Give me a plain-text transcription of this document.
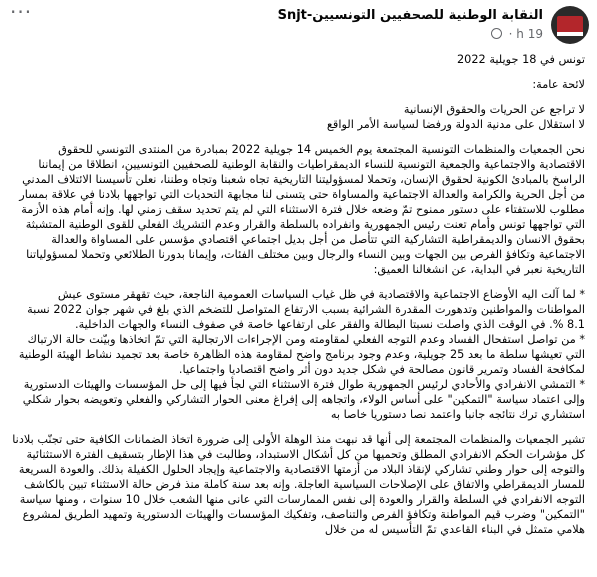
···	النقابة الوطنية للصحفيين التونسيين-Snjt
19 h ·

تونس في 18 جويلية 2022

لائحة عامة:

لا تراجع عن الحريات والحقوق الإنسانية

لا استقلال على مدنية الدولة ورفضا لسياسة الأمر الواقع

نحن الجمعيات والمنظمات التونسية المجتمعة يوم الخميس 14 جويلية 2022 بمبادرة من المنتدى التونسي للحقوق الاقتصادية والاجتماعية والجمعية التونسية للنساء الديمقراطيات والنقابة الوطنية للصحفيين التونسيين، انطلاقا من إيماننا الراسخ بالمبادئ الكونية لحقوق الإنسان، وتحملا لمسؤوليتنا التاريخية تجاه شعبنا وتجاه وطننا، نعلن تأسيسنا الائتلاف المدني من أجل الحرية والكرامة والعدالة الاجتماعية والمساواة حتى يتسنى لنا مجابهة التحديات التي تواجهها بلادنا في علاقة بمسار مطلوب للاستفتاء على دستور ممنوح تمّ وضعه خلال فترة الاستثناء التي لم يتم تحديد سقف زمني لها. وإنه أمام هذه الأزمة التي تواجهها تونس وأمام تعنت رئيس الجمهورية وانفراده بالسلطة والقرار وعدم التشريك الفعلي للقوى الوطنية المتشبثة بحقوق الانسان والديمقراطية التشاركية التي تتأصل من أجل بديل اجتماعي اقتصادي مؤسس على المساواة والعدالة الاجتماعية وتكافؤ الفرص بين الجهات وبين النساء والرجال وبين مختلف الفئات، وإيمانا بدورنا الطلائعي وتحملا لمسؤولياتنا التاريخية نعبر في البداية، عن انشغالنا العميق:

* لما آلت اليه الأوضاع الاجتماعية والاقتصادية في ظل غياب السياسات العمومية الناجعة، حيث تقهقر مستوى عيش المواطنات والمواطنين وتدهورت المقدرة الشرائية بسبب الارتفاع المتواصل للتضخم الذي بلغ في شهر جوان 2022 نسبة 8.1 %. في الوقت الذي واصلت نسبتا البطالة والفقر على ارتفاعها خاصة في صفوف النساء والجهات الداخلية.

* من تواصل استفحال الفساد وعدم التوجه الفعلي لمقاومته ومن الإجراءات الارتجالية التي تمّ اتخاذها وبيّنت حالة الارتباك التي تعيشها سلطة ما بعد 25 جويلية، وعدم وجود برنامج واضح لمقاومة هذه الظاهرة خاصة بعد تجميد نشاط الهيئة الوطنية لمكافحة الفساد وتمرير قانون مصالحة في شكل جديد دون أثر واضح اقتصاديا واجتماعيا.

* التمشي الانفرادي والأحادي لرئيس الجمهورية طوال فترة الاستثناء التي لجأ فيها إلى حل المؤسسات والهيئات الدستورية وإلى اعتماد سياسة "التمكين" على أساس الولاء، واتجاهه إلى إفراغ معنى الحوار التشاركي والفعلي وتعويضه بحوار شكلي استشاري ترك نتائجه جانبا واعتمد نصا دستوريا خاصا به

تشير الجمعيات والمنظمات المجتمعة إلى أنها قد نبهت منذ الوهلة الأولى إلى ضرورة اتخاذ الضمانات الكافية حتى تجنّب بلادنا كل مؤشرات الحكم الانفرادي المطلق وتحميها من كل أشكال الاستبداد، وطالبت في هذا الإطار بتسقيف الفترة الاستثنائية والتوجه إلى حوار وطني تشاركي لإنقاذ البلاد من أزمتها الاقتصادية والاجتماعية وإيجاد الحلول الكفيلة بذلك. والعودة السريعة للمسار الديمقراطي والاتفاق على الإصلاحات السياسية العاجلة. وإنه بعد سنة كاملة منذ فرض حالة الاستثناء تبين بالكاشف التوجه الانفرادي في السلطة والقرار والعودة إلى نفس الممارسات التي عانى منها الشعب خلال 10 سنوات ، ومنها سياسة "التمكين" وضرب قيم المواطنة وتكافؤ الفرص والتناصف، وتفكيك المؤسسات والهيئات الدستورية وتمهيد الطريق لمشروع هلامي متمثل في البناء القاعدي تمّ التأسيس له من خلال
